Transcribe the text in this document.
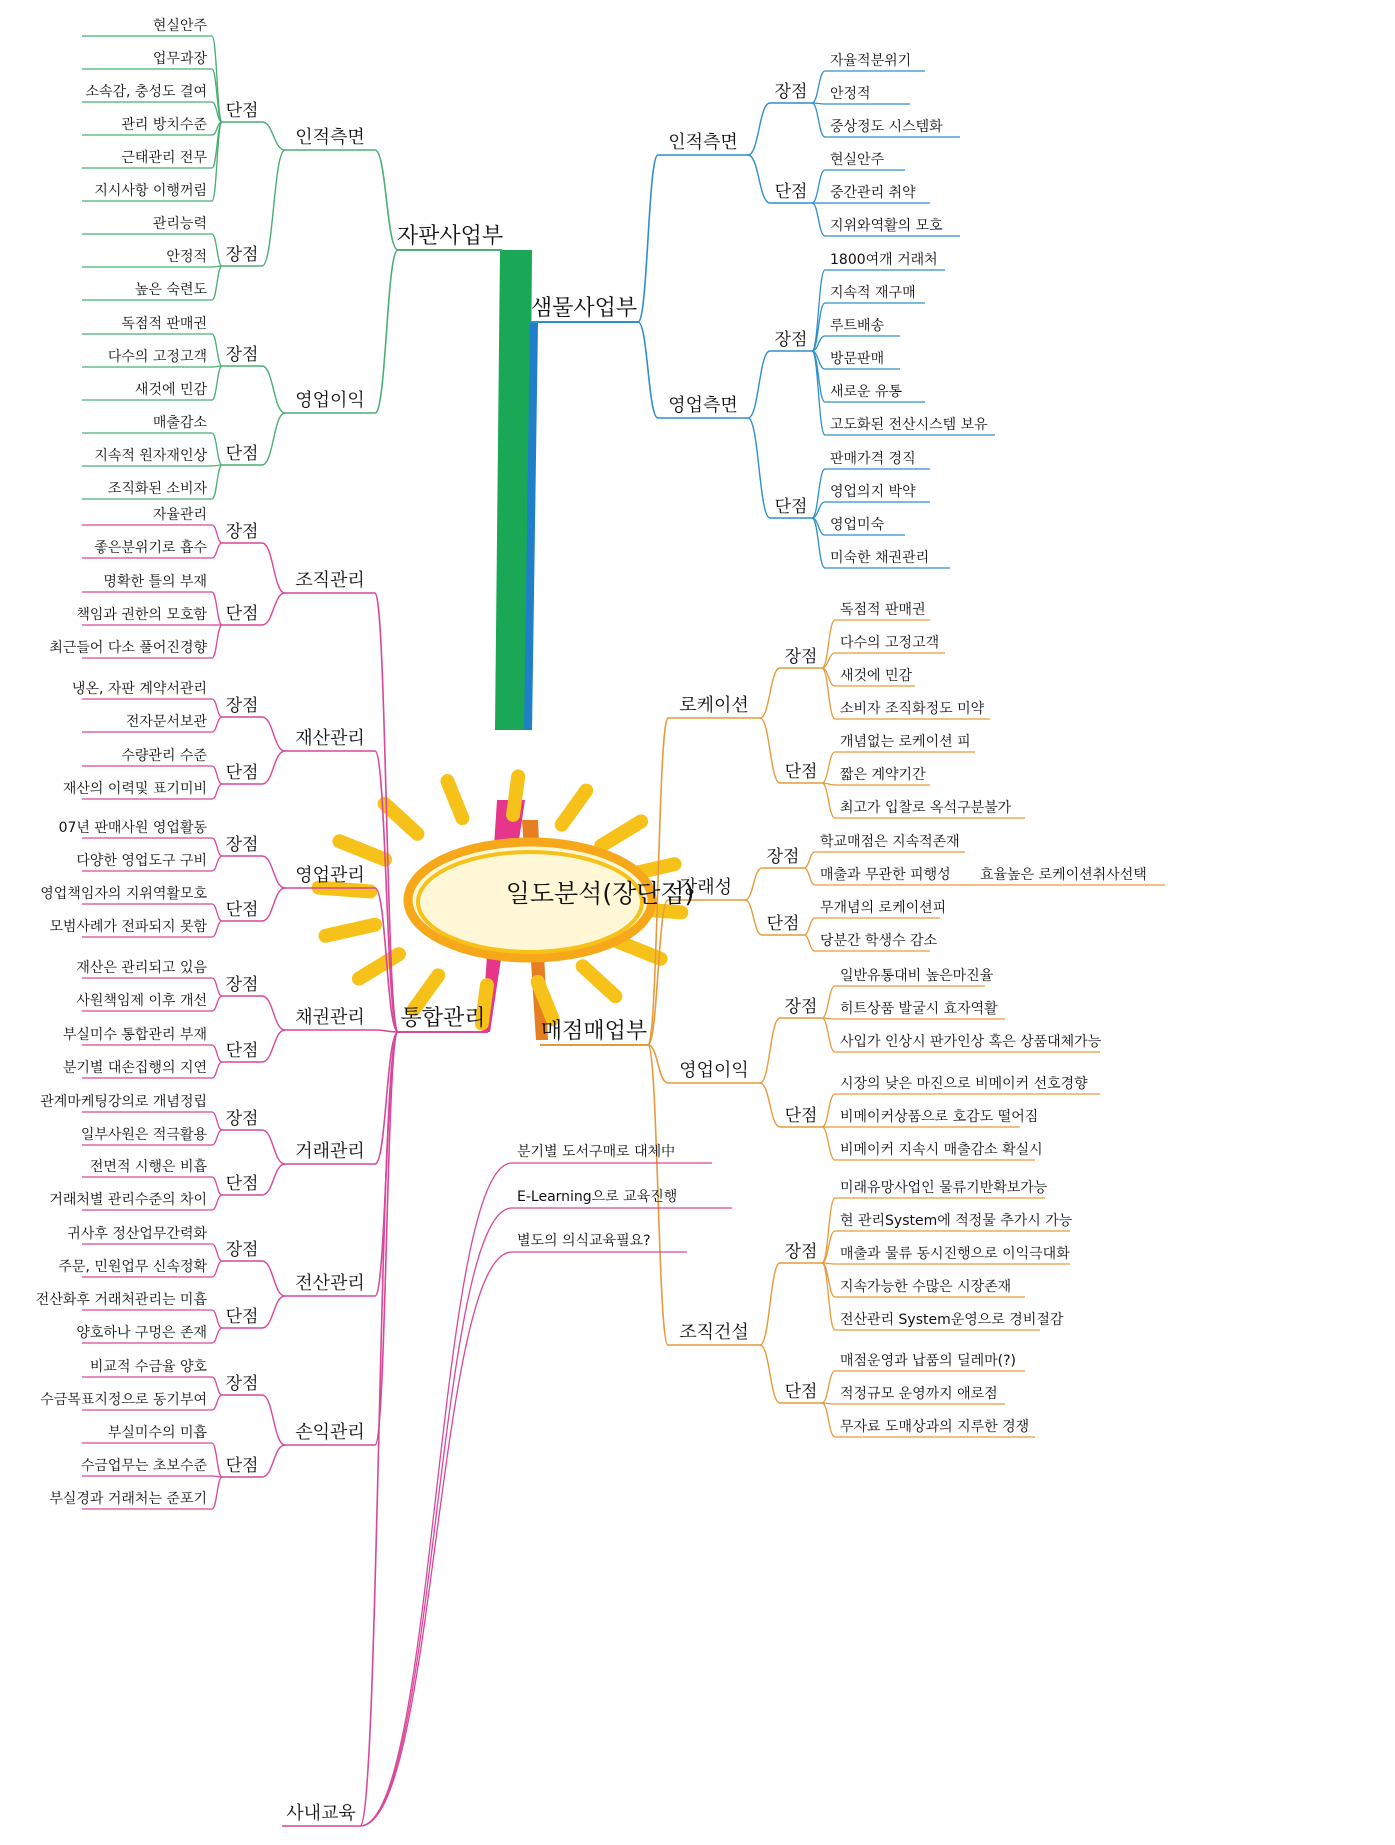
자판사업부
인적측면
단점
현실안주
업무과장
소속감, 충성도 결여
관리 방치수준
근태관리 전무
지시사항 이행꺼림
장점
관리능력
안정적
높은 숙련도
영업이익
장점
독점적 판매권
다수의 고정고객
새것에 민감
단점
매출감소
지속적 원자재인상
조직화된 소비자
샘물사업부
인적측면
장점
자율적분위기
안정적
중상정도 시스템화
단점
현실안주
중간관리 취약
지위와역활의 모호
영업측면
장점
1800여개 거래처
지속적 재구매
루트배송
방문판매
새로운 유통
고도화된 전산시스템 보유
단점
판매가격 경직
영업의지 박약
영업미숙
미숙한 채권관리
매점매업부
로케이션
장점
독점적 판매권
다수의 고정고객
새것에 민감
소비자 조직화정도 미약
단점
개념없는 로케이션 피
짧은 계약기간
최고가 입찰로 옥석구분불가
장래성
장점
학교매점은 지속적존재
매출과 무관한 피행성 효율높은 로케이션취사선택
단점
무개념의 로케이션피
당분간 학생수 감소
영업이익
장점
일반유통대비 높은마진율
히트상품 발굴시 효자역활
사입가 인상시 판가인상 혹은 상품대체가능
단점
시장의 낮은 마진으로 비메이커 선호경향
비메이커상품으로 호감도 떨어짐
비메이커 지속시 매출감소 확실시
조직건설
장점
미래유망사업인 물류기반확보가능
현 관리System에 적정물 추가시 가능
매출과 물류 동시진행으로 이익극대화
지속가능한 수많은 시장존재
전산관리 System운영으로 경비절감
단점
매점운영과 납품의 딜레마(?)
적정규모 운영까지 애로점
무자료 도매상과의 지루한 경쟁
통합관리
조직관리
장점
자율관리
좋은분위기로 흡수
단점
명확한 틀의 부재
책임과 권한의 모호함
최근들어 다소 풀어진경향
재산관리
장점
냉온, 자판 계약서관리
전자문서보관
단점
수량관리 수준
재산의 이력및 표기미비
영업관리
장점
07년 판매사원 영업활동
다양한 영업도구 구비
단점
영업책임자의 지위역활모호
모범사례가 전파되지 못함
채권관리
장점
재산은 관리되고 있음
사원책임제 이후 개선
단점
부실미수 통합관리 부재
분기별 대손집행의 지연
거래관리
장점
관계마케팅강의로 개념정립
일부사원은 적극활용
단점
전면적 시행은 비흡
거래처별 관리수준의 차이
전산관리
장점
귀사후 정산업무간력화
주문, 민원업무 신속정확
단점
전산화후 거래처관리는 미흡
양호하나 구멍은 존재
손익관리
장점
비교적 수금율 양호
수금목표지정으로 동기부여
단점
부실미수의 미흡
수금업무는 초보수준
부실경과 거래처는 준포기
사내교육
분기별 도서구매로 대체中
E-Learning으로 교육진행
별도의 의식교육필요?
일도분석(장단점)
